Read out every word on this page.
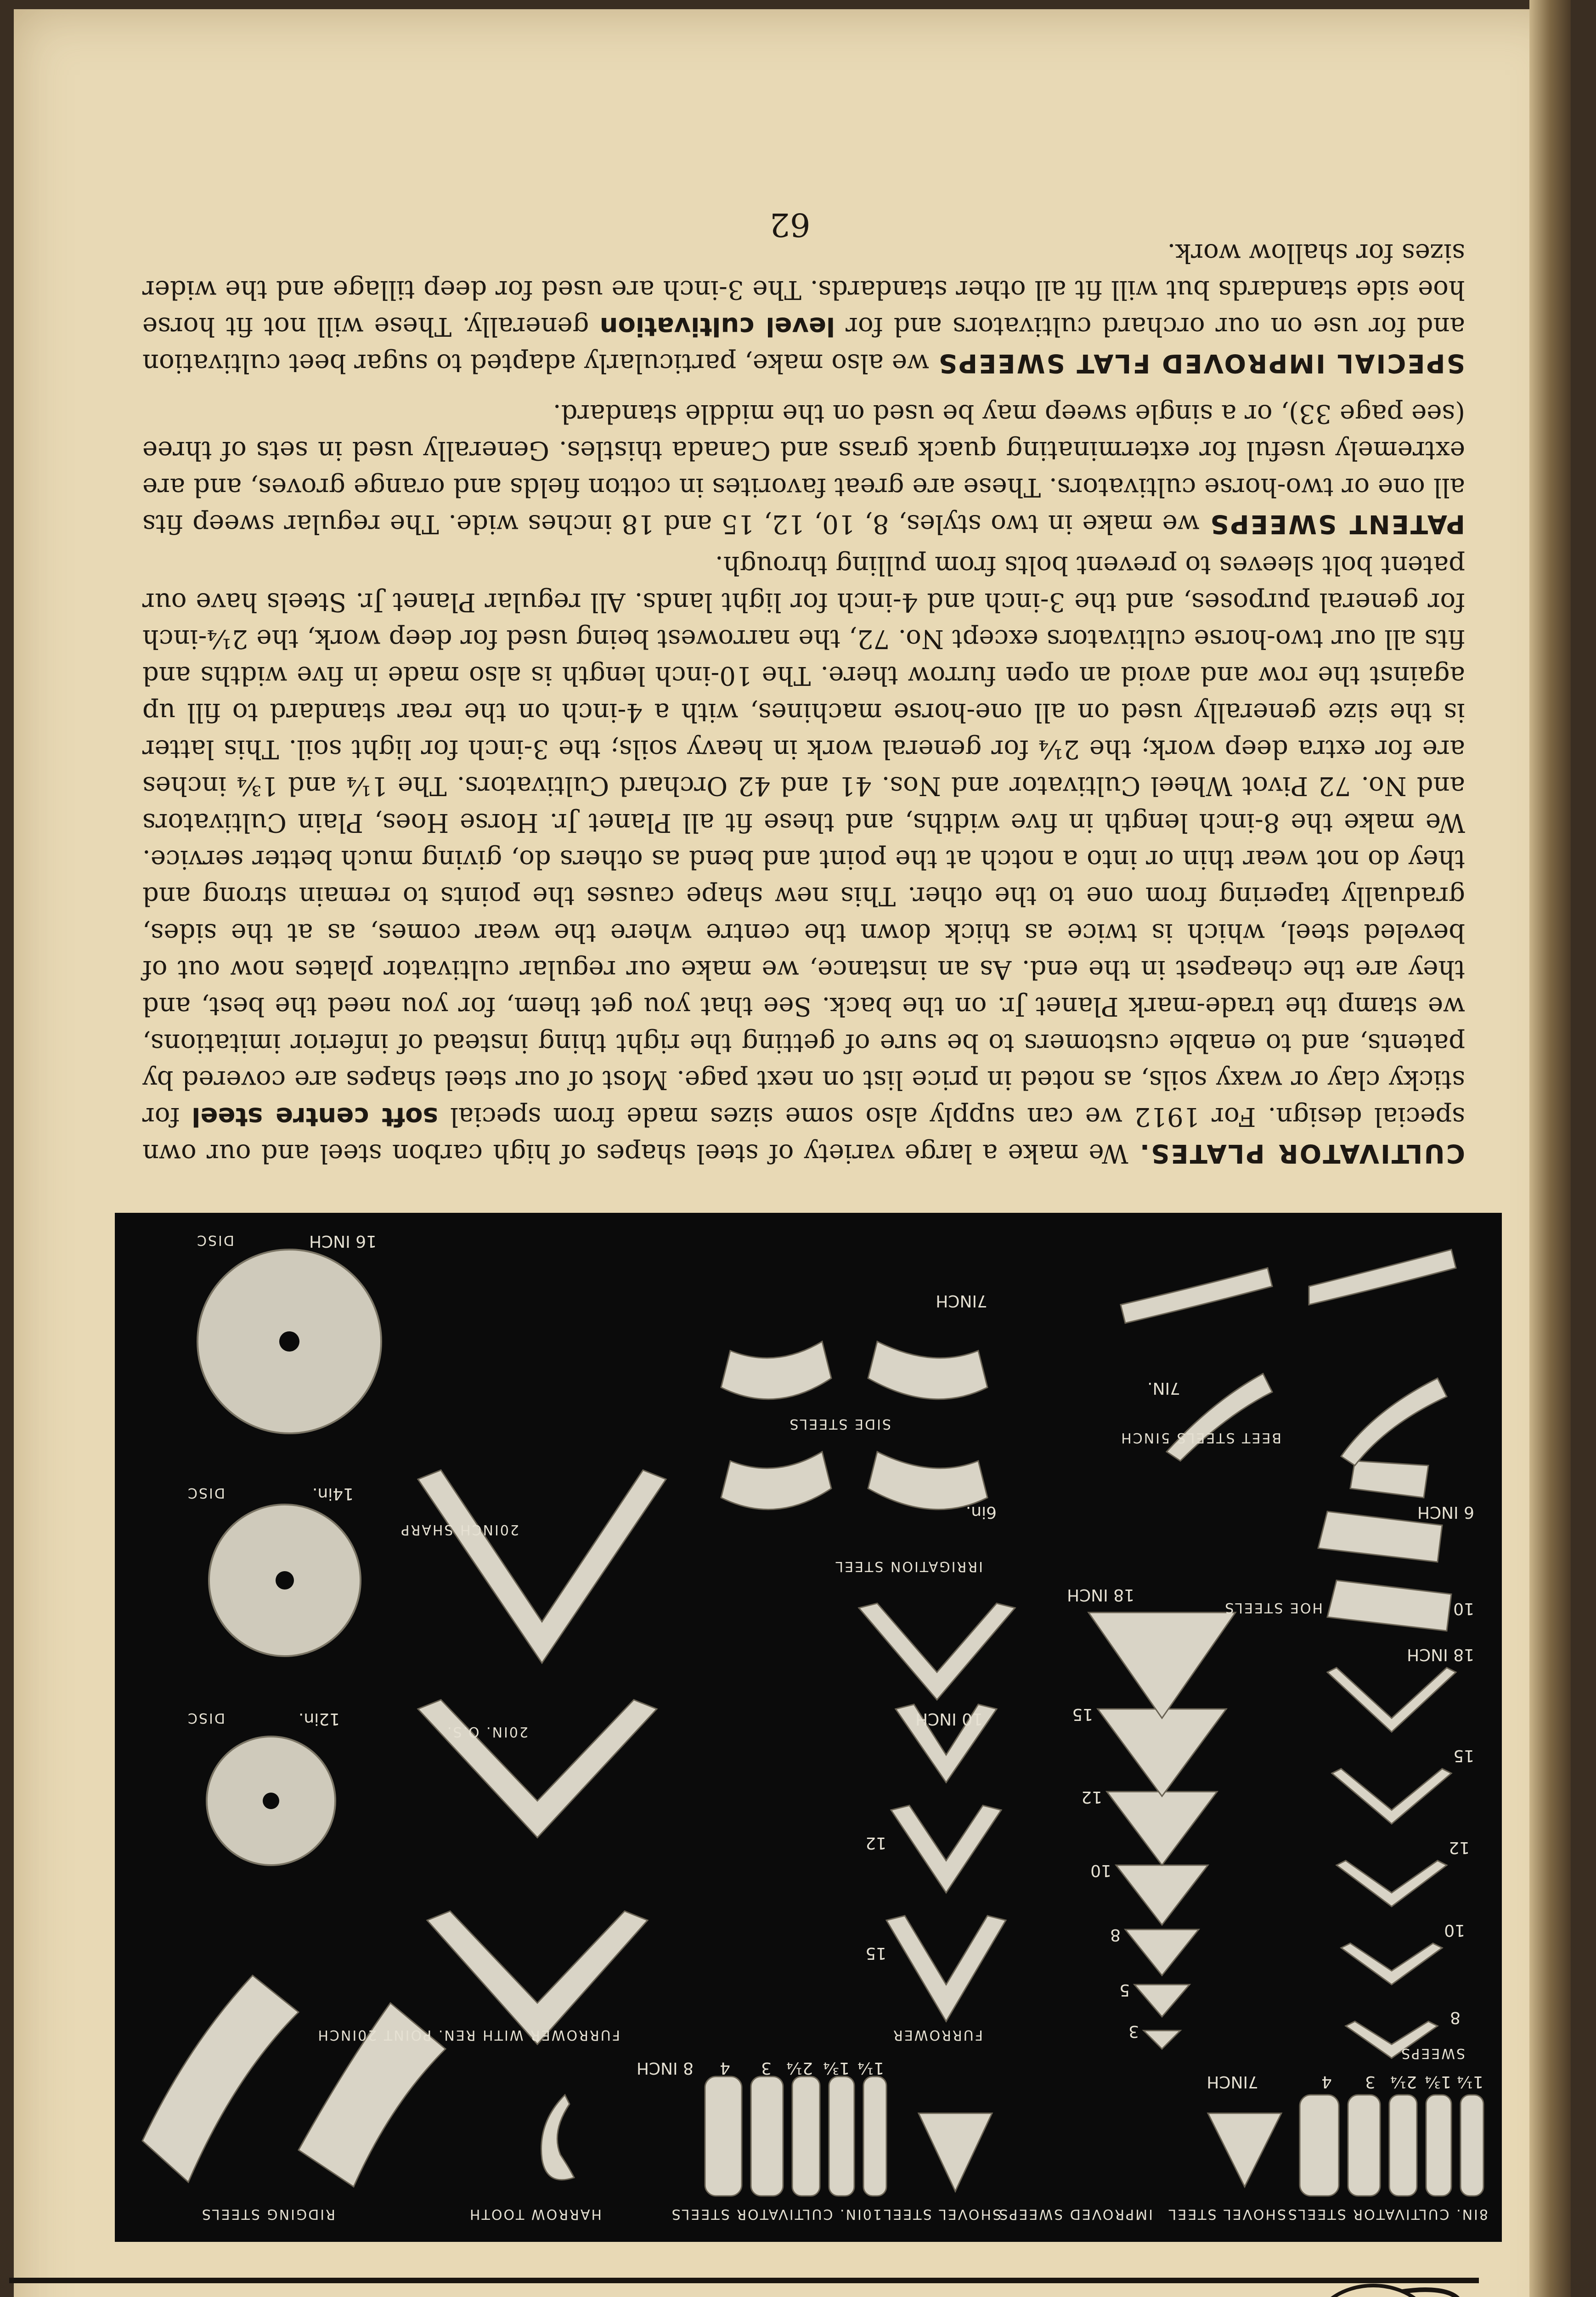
8IN. CULTIVATOR STEELS
SHOVEL STEEL
IMPROVED SWEEPS
SHOVEL STEEL
10IN. CULTIVATOR STEELS
HARROW TOOTH
RIDGING STEELS
1¼
1¾
2¼
3
4
7INCH
8 INCH 4 3 2¼ 1¾ 1¼
SWEEPS
8
10
12
15
18 INCH
3
5
8
10
12
15
18 INCH
FURROWER
15
12
10 INCH
IRRIGATION STEEL
HOE STEELS	10
6 INCH
BEET STEELS 5INCH
7IN.
SIDE STEELS
6in.
7INCH
FURROWER WITH REN. POINT 20INCH
20IN. O.S.
20INCH SHARP
12in.
DISC
14in.
DISC
16 INCH
DISC
CULTIVATOR PLATES. We make a large variety of steel shapes of high carbon steel and our own special design. For 1912 we can supply also some sizes made from special soft centre steel for sticky clay or waxy soils, as noted in price list on next page. Most of our steel shapes are covered by patents, and to enable customers to be sure of getting the right thing instead of inferior imitations, we stamp the trade-mark Planet Jr. on the back. See that you get them, for you need the best, and they are the cheapest in the end. As an instance, we make our regular cultivator plates now out of beveled steel, which is twice as thick down the centre where the wear comes, as at the sides, gradually tapering from one to the other. This new shape causes the points to remain strong and they do not wear thin or into a notch at the point and bend as others do, giving much better service. We make the 8-inch length in five widths, and these fit all Planet Jr. Horse Hoes, Plain Cultivators and No. 72 Pivot Wheel Cultivator and Nos. 41 and 42 Orchard Cultivators. The 1¼ and 1¾ inches are for extra deep work; the 2¼ for general work in heavy soils; the 3-inch for light soil. This latter is the size generally used on all one-horse machines, with a 4-inch on the rear standard to fill up against the row and avoid an open furrow there. The 10-inch length is also made in five widths and fits all our two-horse cultivators except No. 72, the narrowest being used for deep work, the 2¼-inch for general purposes, and the 3-inch and 4-inch for light lands. All regular Planet Jr. Steels have our patent bolt sleeves to prevent bolts from pulling through.
PATENT SWEEPS we make in two styles, 8, 10, 12, 15 and 18 inches wide. The regular sweep fits all one or two-horse cultivators. These are great favorites in cotton fields and orange groves, and are extremely useful for exterminating quack grass and Canada thistles. Generally used in sets of three (see page 33), or a single sweep may be used on the middle standard.
SPECIAL IMPROVED FLAT SWEEPS we also make, particularly adapted to sugar beet cultivation and for use on our orchard cultivators and for level cultivation generally. These will not fit horse hoe side standards but will fit all other standards. The 3-inch are used for deep tillage and the wider sizes for shallow work.
62
